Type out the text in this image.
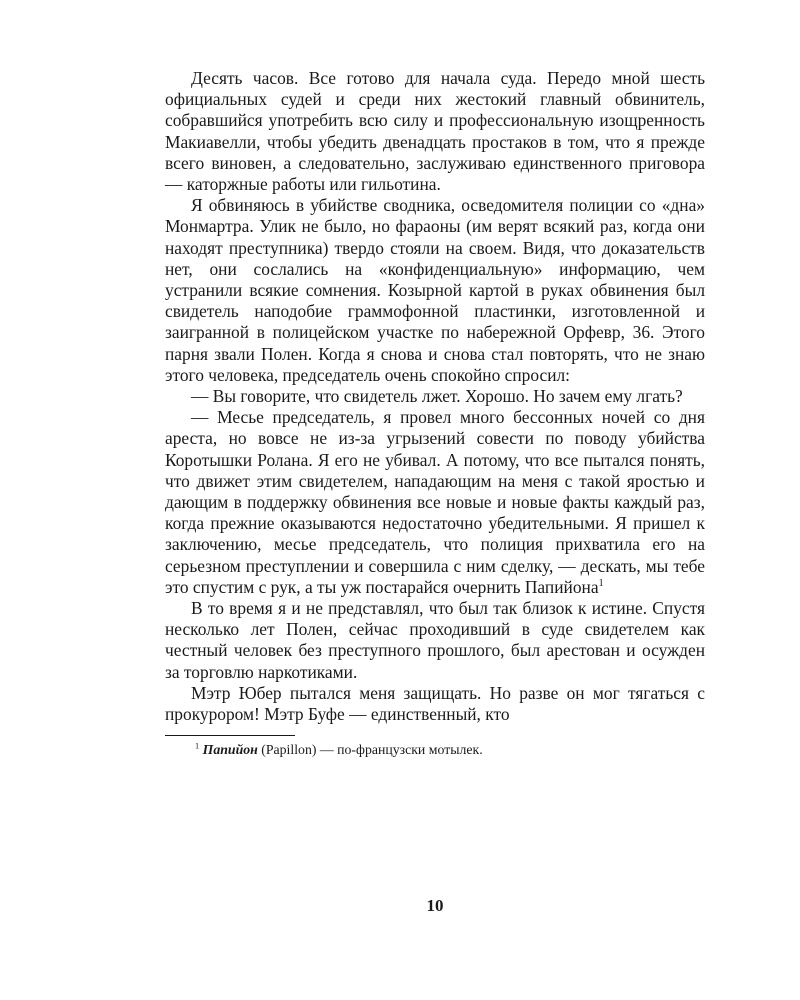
Десять часов. Все готово для начала суда. Передо мной шесть официальных судей и среди них жестокий главный обвинитель, собравшийся употребить всю силу и профессиональную изощренность Макиавелли, чтобы убедить двенадцать простаков в том, что я прежде всего виновен, а следовательно, заслуживаю единственного приговора — каторжные работы или гильотина.

Я обвиняюсь в убийстве сводника, осведомителя полиции со «дна» Монмартра. Улик не было, но фараоны (им верят всякий раз, когда они находят преступника) твердо стояли на своем. Видя, что доказательств нет, они сослались на «конфиденциальную» информацию, чем устранили всякие сомнения. Козырной картой в руках обвинения был свидетель наподобие граммофонной пластинки, изготовленной и заигранной в полицейском участке по набережной Орфевр, 36. Этого парня звали Полен. Когда я снова и снова стал повторять, что не знаю этого человека, председатель очень спокойно спросил:

— Вы говорите, что свидетель лжет. Хорошо. Но зачем ему лгать?

— Месье председатель, я провел много бессонных ночей со дня ареста, но вовсе не из-за угрызений совести по поводу убийства Коротышки Ролана. Я его не убивал. А потому, что все пытался понять, что движет этим свидетелем, нападающим на меня с такой яростью и дающим в поддержку обвинения все новые и новые факты каждый раз, когда прежние оказываются недостаточно убедительными. Я пришел к заключению, месье председатель, что полиция прихватила его на серьезном преступлении и совершила с ним сделку, — дескать, мы тебе это спустим с рук, а ты уж постарайся очернить Папийона$^1$

В то время я и не представлял, что был так близок к истине. Спустя несколько лет Полен, сейчас проходивший в суде свидетелем как честный человек без преступного прошлого, был арестован и осужден за торговлю наркотиками.

Мэтр Юбер пытался меня защищать. Но разве он мог тягаться с прокурором! Мэтр Буфе — единственный, кто

$^1$ Папийон (Papillon) — по-французски мотылек.
10
